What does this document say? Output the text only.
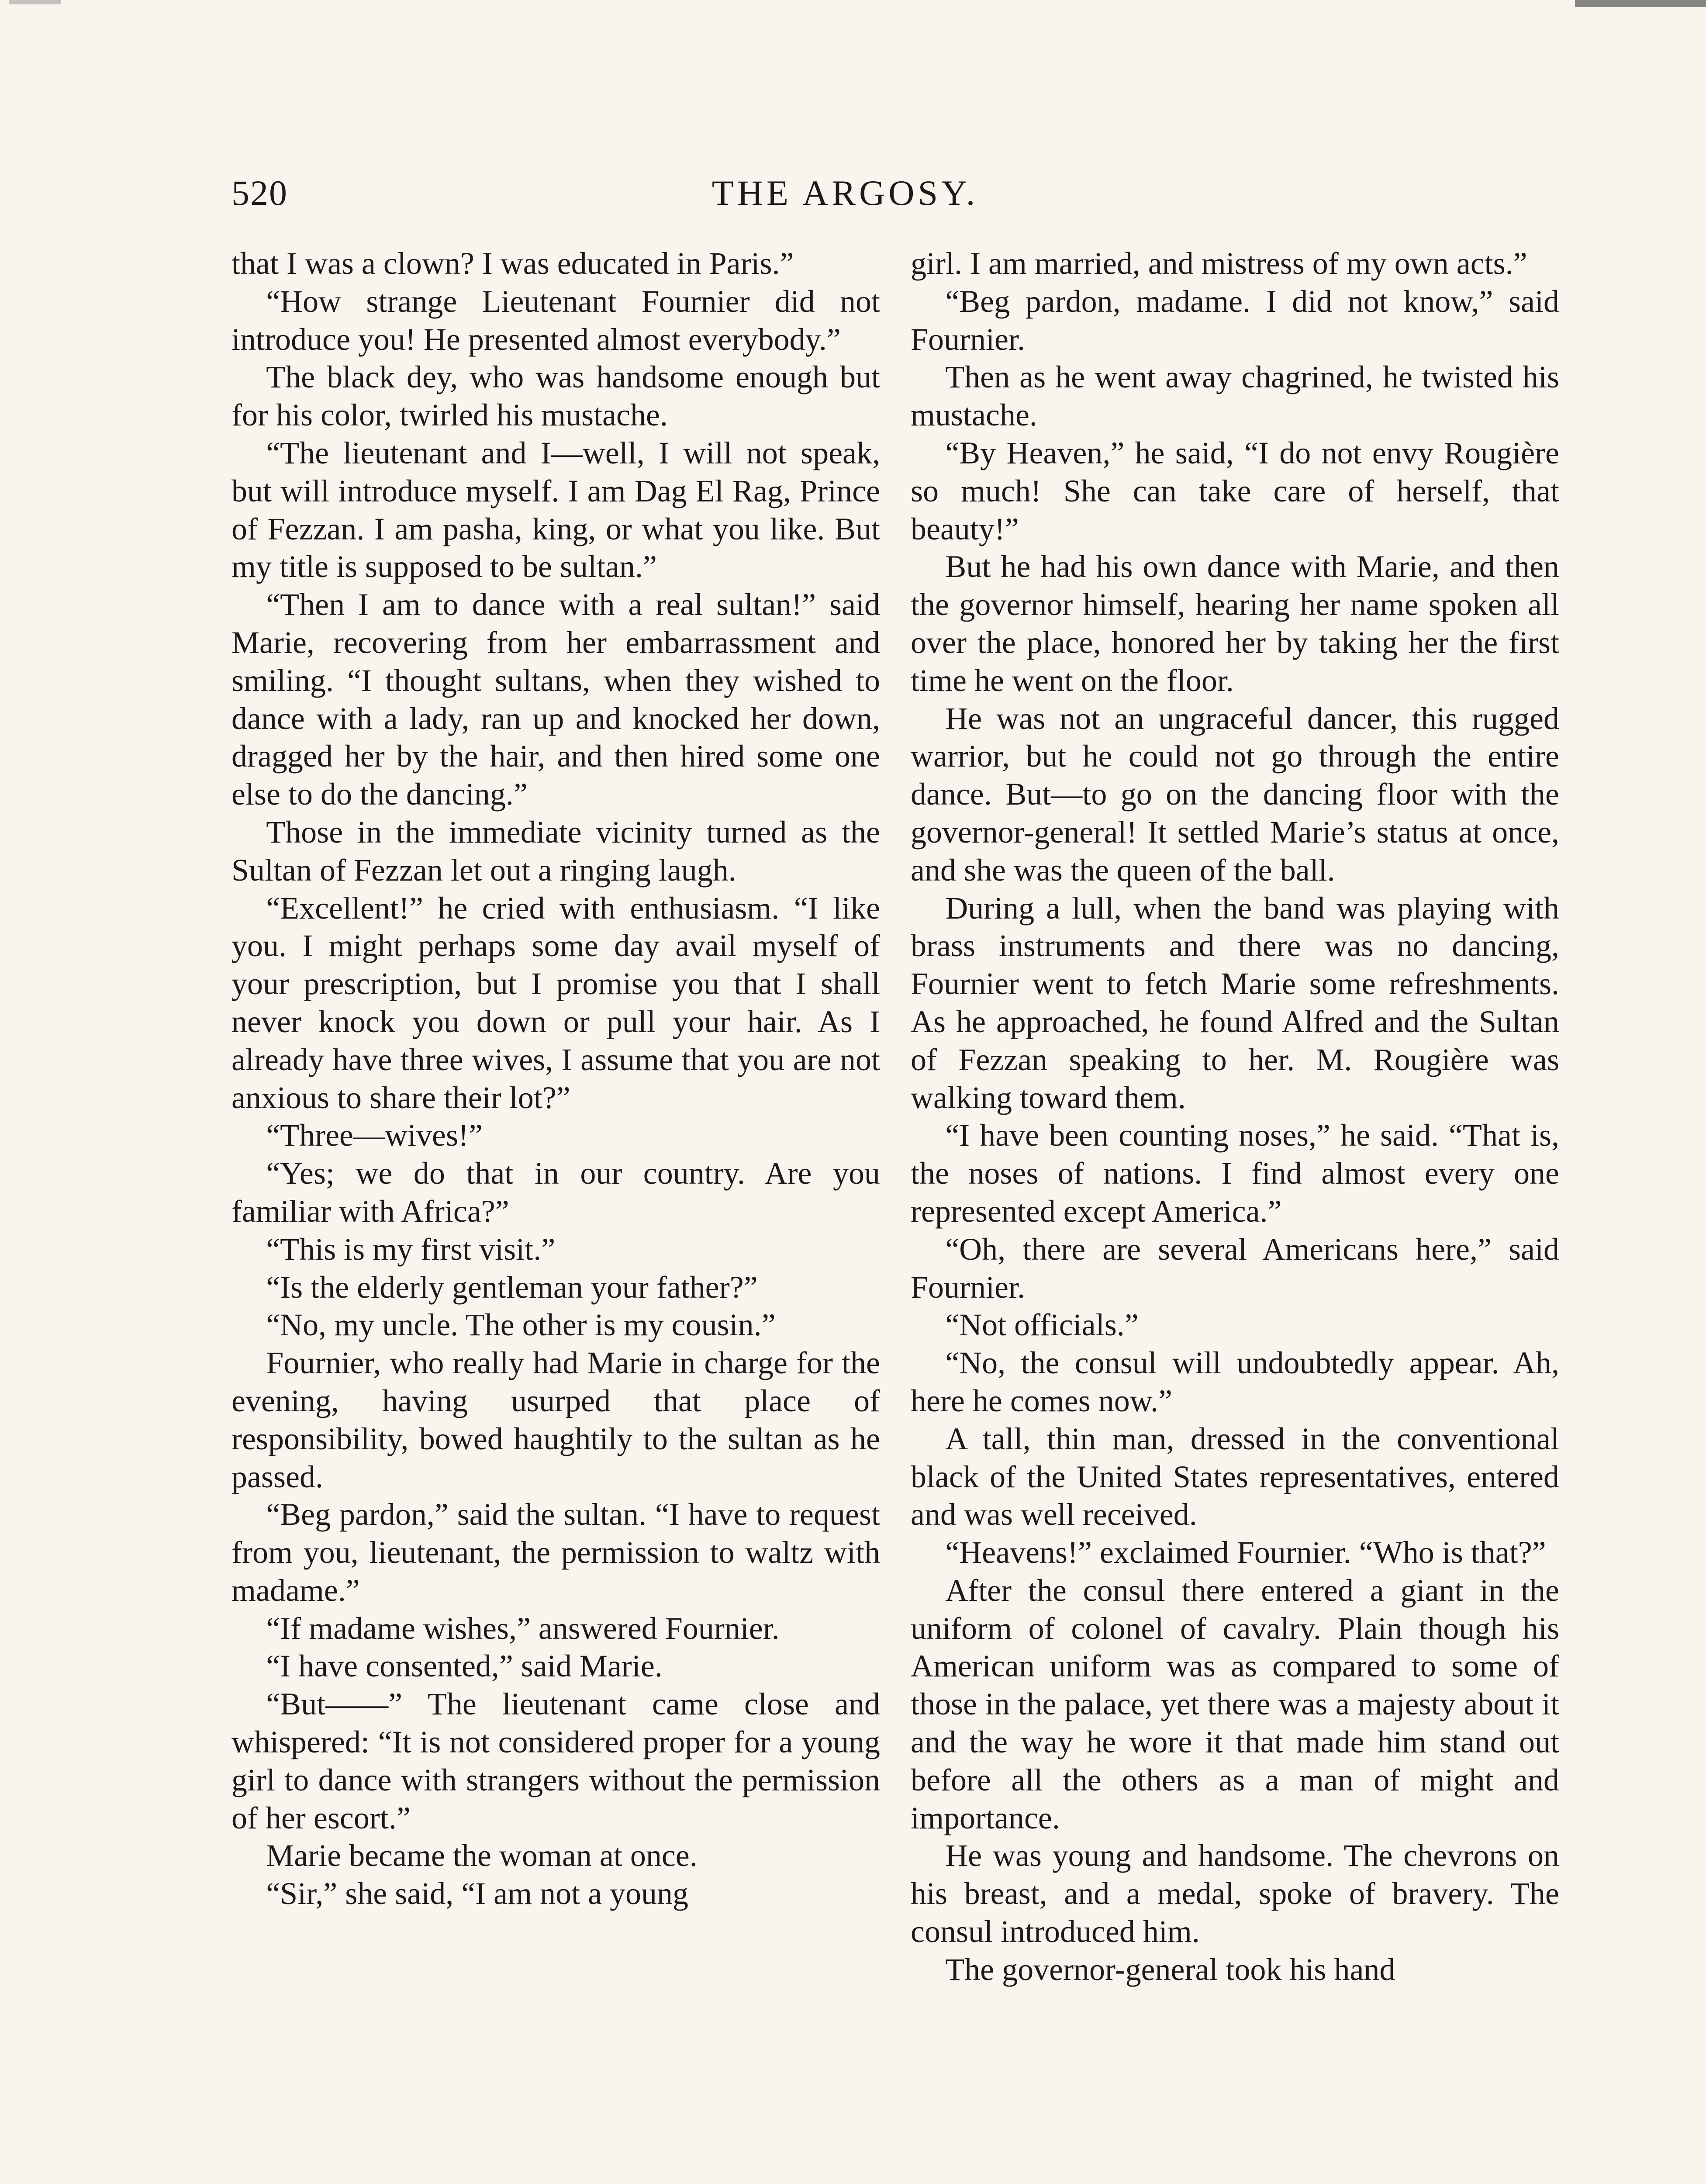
520	THE ARGOSY.

that I was a clown? I was educated in Paris.”

“How strange Lieutenant Fournier did not introduce you! He presented almost everybody.”

The black dey, who was handsome enough but for his color, twirled his mustache.

“The lieutenant and I—well, I will not speak, but will introduce myself. I am Dag El Rag, Prince of Fezzan. I am pasha, king, or what you like. But my title is supposed to be sultan.”

“Then I am to dance with a real sultan!” said Marie, recovering from her embarrassment and smiling. “I thought sultans, when they wished to dance with a lady, ran up and knocked her down, dragged her by the hair, and then hired some one else to do the dancing.”

Those in the immediate vicinity turned as the Sultan of Fezzan let out a ringing laugh.

“Excellent!” he cried with enthusiasm. “I like you. I might perhaps some day avail myself of your prescription, but I promise you that I shall never knock you down or pull your hair. As I already have three wives, I assume that you are not anxious to share their lot?”

“Three—wives!”

“Yes; we do that in our country. Are you familiar with Africa?”

“This is my first visit.”

“Is the elderly gentleman your father?”

“No, my uncle. The other is my cousin.”

Fournier, who really had Marie in charge for the evening, having usurped that place of responsibility, bowed haughtily to the sultan as he passed.

“Beg pardon,” said the sultan. “I have to request from you, lieutenant, the permission to waltz with madame.”

“If madame wishes,” answered Fournier.

“I have consented,” said Marie.

“But——” The lieutenant came close and whispered: “It is not considered proper for a young girl to dance with strangers without the permission of her escort.”

Marie became the woman at once.

“Sir,” she said, “I am not a young

girl. I am married, and mistress of my own acts.”

“Beg pardon, madame. I did not know,” said Fournier.

Then as he went away chagrined, he twisted his mustache.

“By Heaven,” he said, “I do not envy Rougière so much! She can take care of herself, that beauty!”

But he had his own dance with Marie, and then the governor himself, hearing her name spoken all over the place, honored her by taking her the first time he went on the floor.

He was not an ungraceful dancer, this rugged warrior, but he could not go through the entire dance. But—to go on the dancing floor with the governor-general! It settled Marie’s status at once, and she was the queen of the ball.

During a lull, when the band was playing with brass instruments and there was no dancing, Fournier went to fetch Marie some refreshments. As he approached, he found Alfred and the Sultan of Fezzan speaking to her. M. Rougière was walking toward them.

“I have been counting noses,” he said. “That is, the noses of nations. I find almost every one represented except America.”

“Oh, there are several Americans here,” said Fournier.

“Not officials.”

“No, the consul will undoubtedly appear. Ah, here he comes now.”

A tall, thin man, dressed in the conventional black of the United States representatives, entered and was well received.

“Heavens!” exclaimed Fournier. “Who is that?”

After the consul there entered a giant in the uniform of colonel of cavalry. Plain though his American uniform was as compared to some of those in the palace, yet there was a majesty about it and the way he wore it that made him stand out before all the others as a man of might and importance.

He was young and handsome. The chevrons on his breast, and a medal, spoke of bravery. The consul introduced him.

The governor-general took his hand
